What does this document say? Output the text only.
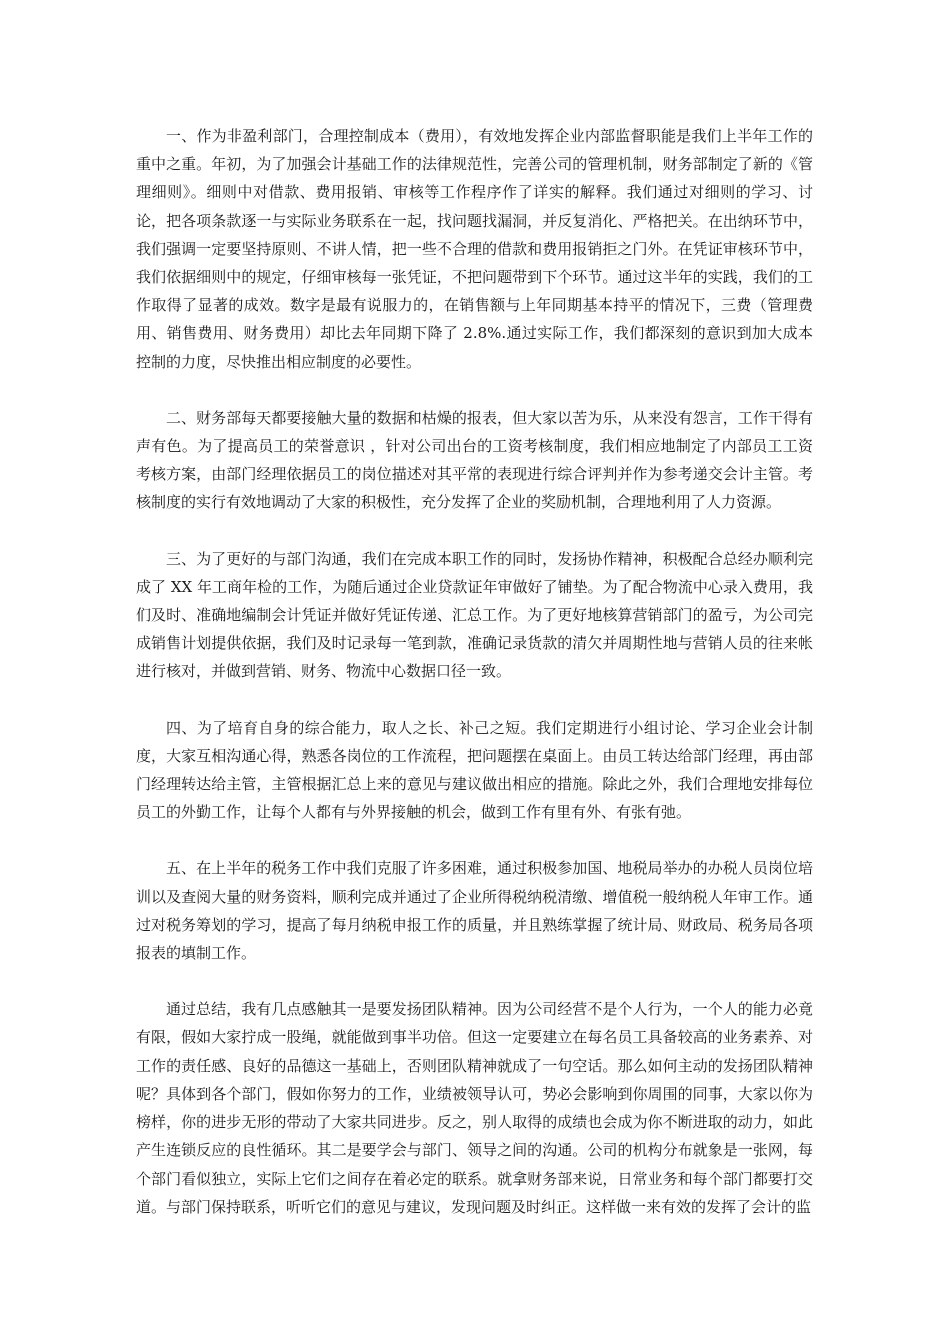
一、作为非盈利部门，合理控制成本（费用），有效地发挥企业内部监督职能是我们上半年工作的重中之重。年初，为了加强会计基础工作的法律规范性，完善公司的管理机制，财务部制定了新的《管理细则》。细则中对借款、费用报销、审核等工作程序作了详实的解释。我们通过对细则的学习、讨论，把各项条款逐一与实际业务联系在一起，找问题找漏洞，并反复消化、严格把关。在出纳环节中，我们强调一定要坚持原则、不讲人情，把一些不合理的借款和费用报销拒之门外。在凭证审核环节中，我们依据细则中的规定，仔细审核每一张凭证，不把问题带到下个环节。通过这半年的实践，我们的工作取得了显著的成效。数字是最有说服力的，在销售额与上年同期基本持平的情况下，三费（管理费用、销售费用、财务费用）却比去年同期下降了 2.8%.通过实际工作，我们都深刻的意识到加大成本控制的力度，尽快推出相应制度的必要性。

二、财务部每天都要接触大量的数据和枯燥的报表，但大家以苦为乐，从来没有怨言，工作干得有声有色。为了提高员工的荣誉意识 ，针对公司出台的工资考核制度，我们相应地制定了内部员工工资考核方案，由部门经理依据员工的岗位描述对其平常的表现进行综合评判并作为参考递交会计主管。考核制度的实行有效地调动了大家的积极性，充分发挥了企业的奖励机制，合理地利用了人力资源。

三、为了更好的与部门沟通，我们在完成本职工作的同时，发扬协作精神，积极配合总经办顺利完成了 XX 年工商年检的工作，为随后通过企业贷款证年审做好了铺垫。为了配合物流中心录入费用，我们及时、准确地编制会计凭证并做好凭证传递、汇总工作。为了更好地核算营销部门的盈亏，为公司完成销售计划提供依据，我们及时记录每一笔到款，准确记录货款的清欠并周期性地与营销人员的往来帐进行核对，并做到营销、财务、物流中心数据口径一致。

四、为了培育自身的综合能力，取人之长、补己之短。我们定期进行小组讨论、学习企业会计制度，大家互相沟通心得，熟悉各岗位的工作流程，把问题摆在桌面上。由员工转达给部门经理，再由部门经理转达给主管，主管根据汇总上来的意见与建议做出相应的措施。除此之外，我们合理地安排每位员工的外勤工作，让每个人都有与外界接触的机会，做到工作有里有外、有张有弛。

五、在上半年的税务工作中我们克服了许多困难，通过积极参加国、地税局举办的办税人员岗位培训以及查阅大量的财务资料，顺利完成并通过了企业所得税纳税清缴、增值税一般纳税人年审工作。通过对税务筹划的学习，提高了每月纳税申报工作的质量，并且熟练掌握了统计局、财政局、税务局各项报表的填制工作。

通过总结，我有几点感触其一是要发扬团队精神。因为公司经营不是个人行为，一个人的能力必竟有限，假如大家拧成一股绳，就能做到事半功倍。但这一定要建立在每名员工具备较高的业务素养、对工作的责任感、良好的品德这一基础上，否则团队精神就成了一句空话。那么如何主动的发扬团队精神呢？具体到各个部门，假如你努力的工作，业绩被领导认可，势必会影响到你周围的同事，大家以你为榜样，你的进步无形的带动了大家共同进步。反之，别人取得的成绩也会成为你不断进取的动力，如此产生连锁反应的良性循环。其二是要学会与部门、领导之间的沟通。公司的机构分布就象是一张网，每个部门看似独立，实际上它们之间存在着必定的联系。就拿财务部来说，日常业务和每个部门都要打交道。与部门保持联系，听听它们的意见与建议，发现问题及时纠正。这样做一来有效的发挥了会计的监
